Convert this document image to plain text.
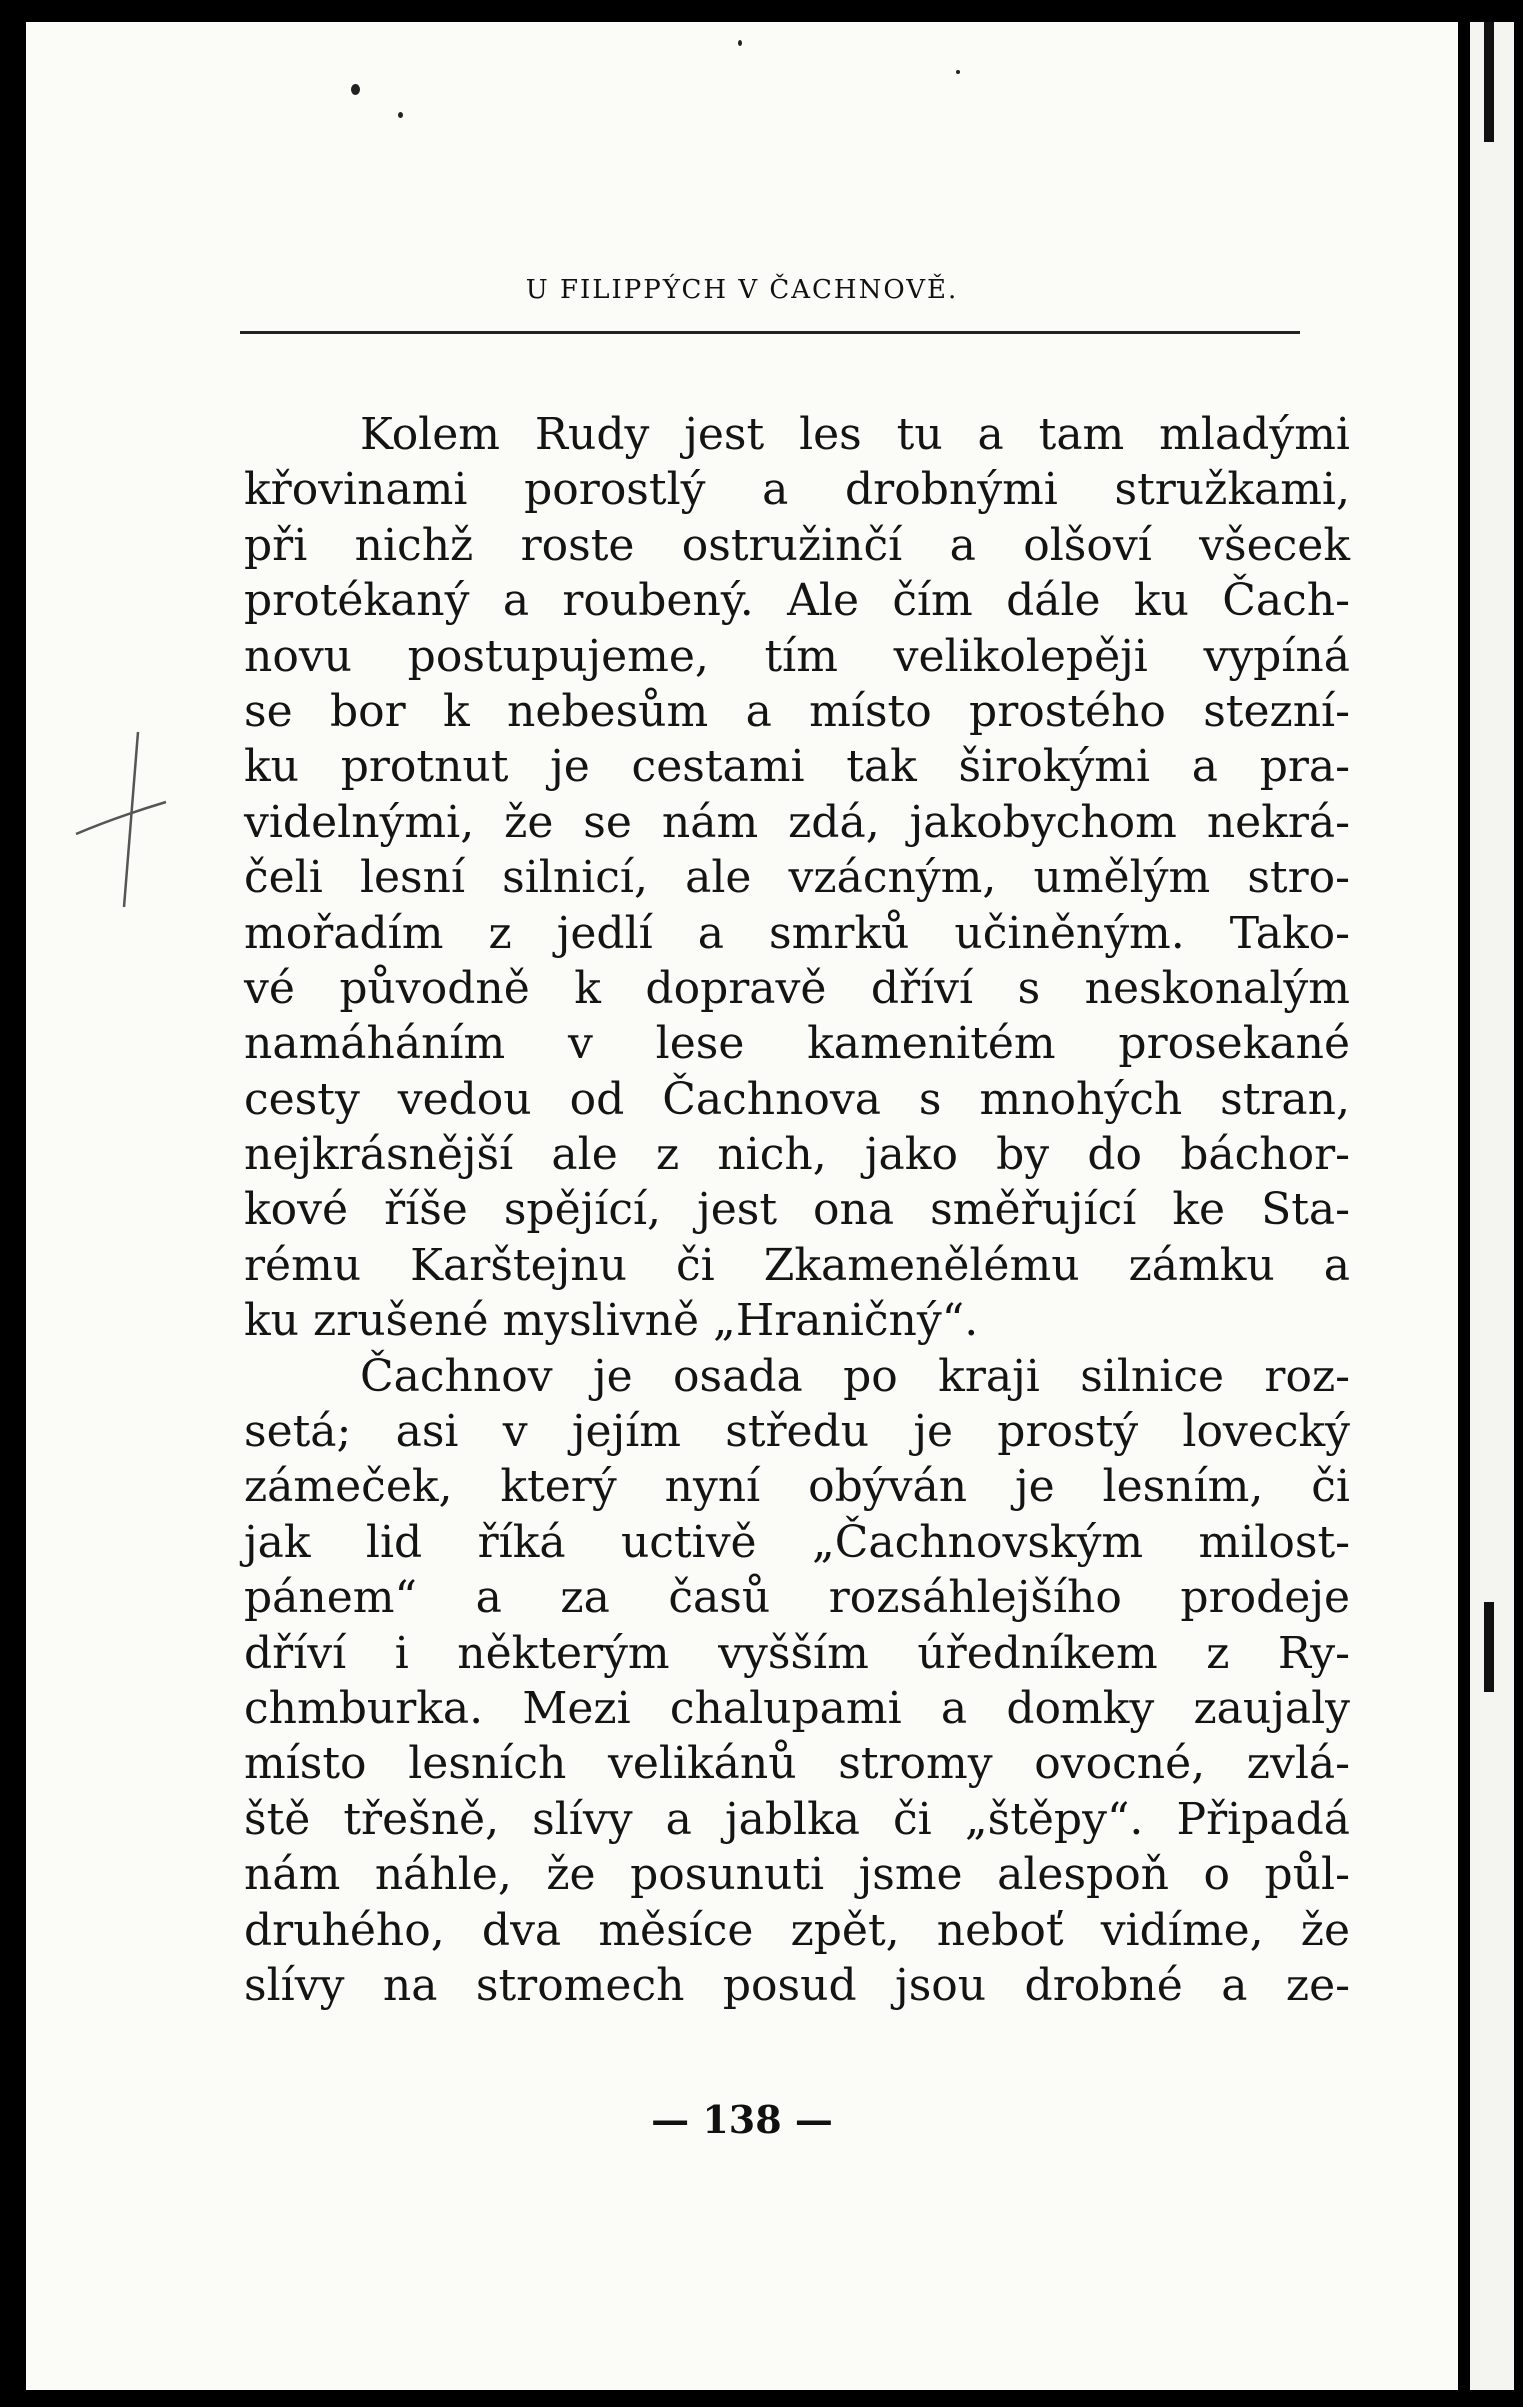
U FILIPPÝCH V ČACHNOVĚ.
Kolem Rudy jest les tu a tam mladými
křovinami porostlý a drobnými stružkami,
při nichž roste ostružinčí a olšoví všecek
protékaný a roubený. Ale čím dále ku Čach-
novu postupujeme, tím velikolepěji vypíná
se bor k nebesům a místo prostého stezní-
ku protnut je cestami tak širokými a pra-
videlnými, že se nám zdá, jakobychom nekrá-
čeli lesní silnicí, ale vzácným, umělým stro-
mořadím z jedlí a smrků učiněným. Tako-
vé původně k dopravě dříví s neskonalým
namáháním v lese kamenitém prosekané
cesty vedou od Čachnova s mnohých stran,
nejkrásnější ale z nich, jako by do báchor-
kové říše spějící, jest ona směřující ke Sta-
rému Karštejnu či Zkamenělému zámku a
ku zrušené myslivně „Hraničný“.
Čachnov je osada po kraji silnice roz-
setá; asi v jejím středu je prostý lovecký
zámeček, který nyní obýván je lesním, či
jak lid říká uctivě „Čachnovským milost-
pánem“ a za časů rozsáhlejšího prodeje
dříví i některým vyšším úředníkem z Ry-
chmburka. Mezi chalupami a domky zaujaly
místo lesních velikánů stromy ovocné, zvlá-
ště třešně, slívy a jablka či „štěpy“. Připadá
nám náhle, že posunuti jsme alespoň o půl-
druhého, dva měsíce zpět, neboť vidíme, že
slívy na stromech posud jsou drobné a ze-
— 138 —
